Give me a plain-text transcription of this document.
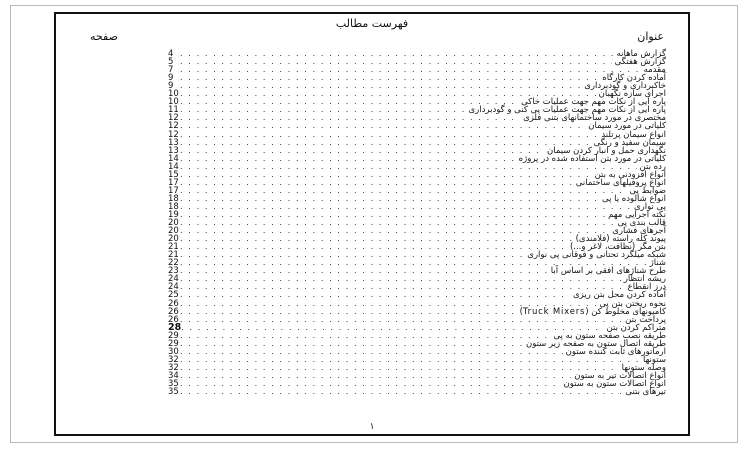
فهرست مطالب
عنوان
صفحه
4 . . .	گزارش ماهانه
5 . . .	گزارش هفتگی
7 . . .	مقدمه
9 . . .	آماده کردن کارگاه
9 . . .	خاکبرداری و گودبرداری
10 . . .	اجرای سازه نگهبان
10 . . .	پاره ایی از نکات مهم جهت عملیات خاکی
11 . . .	پاره ایی از نکات مهم جهت عملیات پی کنی و گودبرداری
12 . . .	مختصری در مورد ساختمانهای بتنی فلزی
12 . . .	کلیاتی در مورد سیمان
12 . . .	انواع سیمان پرتلند
13 . . .	سیمان سفید و رنگی
13 . . .	نگهداری حمل و انبار کردن سیمان
14 . . .	کلیاتی در مورد بتن استفاده شده در پروژه
14 . . .	رده بتن
15 . . .	انواع افزودنی به بتن
17 . . .	انواع پروفیلهای ساختمانی
17 . . .	ضوابط پی
18 . . .	انواع شالوده یا پی
18 . . .	پی نواری
19 . . .	نکته اجرایی مهم
20 . . .	قالب بندی پی
20 . . .	آجرهای فشاری
20 . . .	پیوند کله راسته (فلامندی)
21 . . .	بتن مگر (نظافت، لاغر و...)
21 . . .	شبکه میلگرد تحتانی و فوقانی پی نواری
22 . . .	شناژ
23 . . .	طرح شناژهای افقی بر اساس آبا
24 . . .	ریشه انتظار
24 . . .	درز انقطاع
25 . . .	آماده کردن محل بتن ریزی
26 . . .	نحوه ریختن بتن پی
26 . . .	کامیونهای مخلوط کن (Truck Mixers)
26 . . .	پرداخت بتن
28 . . .	متراکم کردن بتن
29 . . .	طریقه نصب صفحه ستون به پی
29 . . .	طریقه اتصال ستون به صفحه زیر ستون
30 . . .	ارماتورهای ثابت کننده ستون
32 . . .	ستونها
32 . . .	وصله ستونها
34 . . .	انواع اتصالات تیر به ستون
35 . . .	انواع اتصالات ستون به ستون
35 . . .	تیرهای بتنی
۱
